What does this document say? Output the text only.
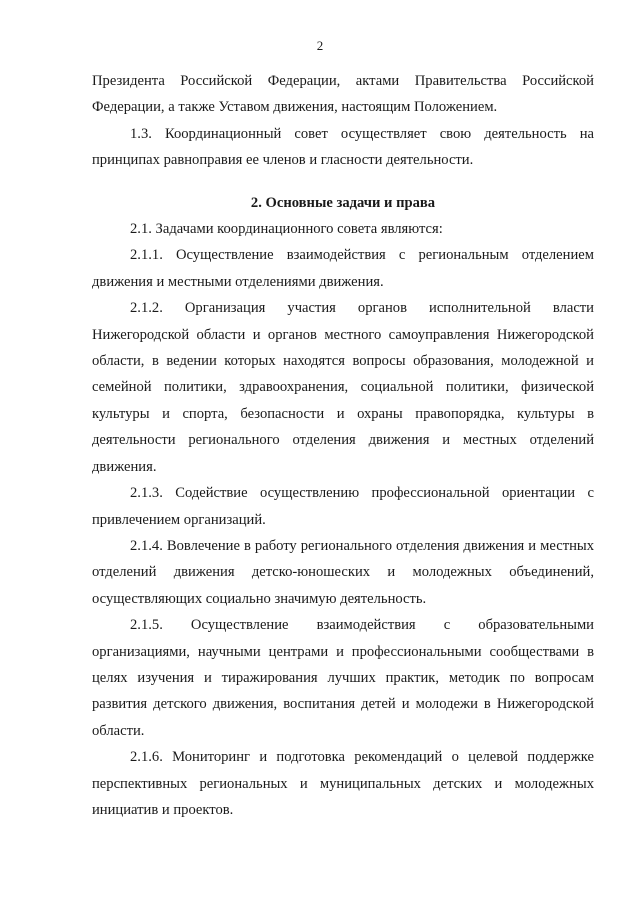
2

Президента Российской Федерации, актами Правительства Российской Федерации, а также Уставом движения, настоящим Положением.

1.3. Координационный совет осуществляет свою деятельность на принципах равноправия ее членов и гласности деятельности.

2. Основные задачи и права

2.1. Задачами координационного совета являются:

2.1.1. Осуществление взаимодействия с региональным отделением движения и местными отделениями движения.

2.1.2. Организация участия органов исполнительной власти Нижегородской области и органов местного самоуправления Нижегородской области, в ведении которых находятся вопросы образования, молодежной и семейной политики, здравоохранения, социальной политики, физической культуры и спорта, безопасности и охраны правопорядка, культуры в деятельности регионального отделения движения и местных отделений движения.

2.1.3. Содействие осуществлению профессиональной ориентации с привлечением организаций.

2.1.4. Вовлечение в работу регионального отделения движения и местных отделений движения детско-юношеских и молодежных объединений, осуществляющих социально значимую деятельность.

2.1.5. Осуществление взаимодействия с образовательными организациями, научными центрами и профессиональными сообществами в целях изучения и тиражирования лучших практик, методик по вопросам развития детского движения, воспитания детей и молодежи в Нижегородской области.

2.1.6. Мониторинг и подготовка рекомендаций о целевой поддержке перспективных региональных и муниципальных детских и молодежных инициатив и проектов.
